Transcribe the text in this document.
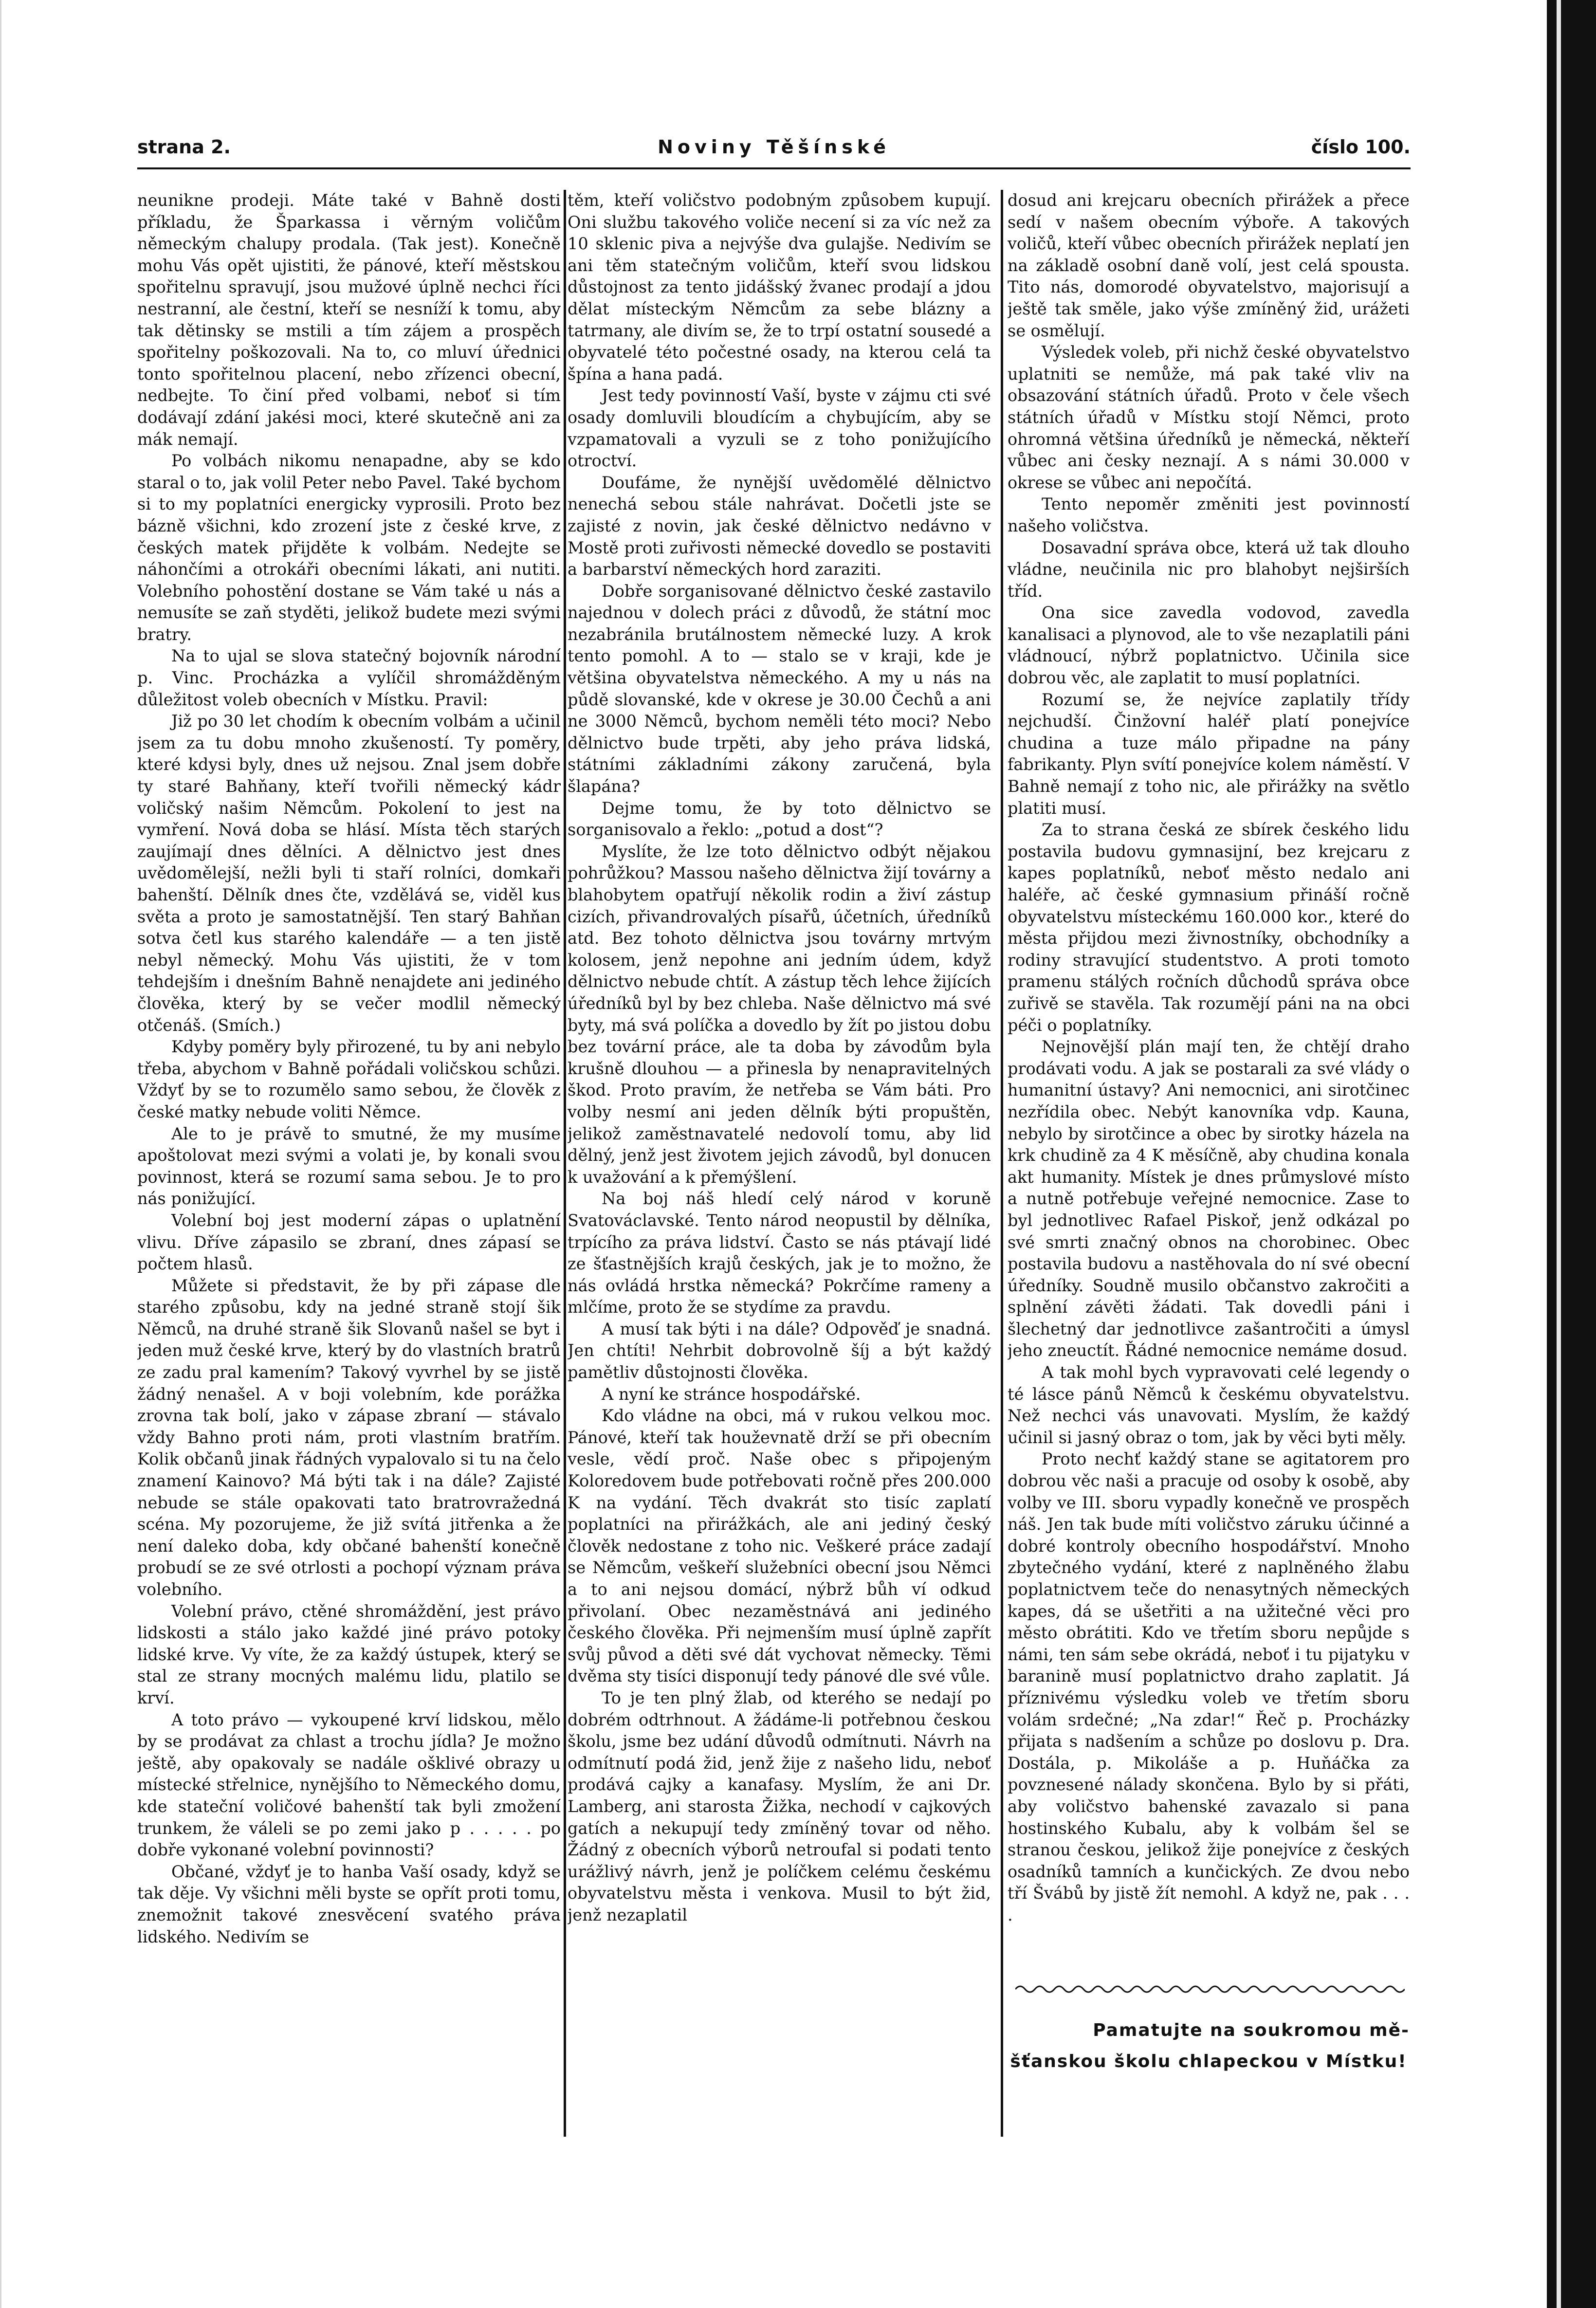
strana 2.	Noviny Těšínské	číslo 100.

neunikne prodeji. Máte také v Bahně dosti příkladu, že Šparkassa i věrným voličům německým chalupy prodala. (Tak jest). Konečně mohu Vás opět ujistiti, že pánové, kteří městskou spořitelnu spravují, jsou mužové úplně nechci říci nestranní, ale čestní, kteří se nesníží k tomu, aby tak dětinsky se mstili a tím zájem a prospěch spořitelny poškozovali. Na to, co mluví úřednici tonto spořitelnou placení, nebo zřízenci obecní, nedbejte. To činí před volbami, neboť si tím dodávají zdání jakési moci, které skutečně ani za mák nemají.

Po volbách nikomu nenapadne, aby se kdo staral o to, jak volil Peter nebo Pavel. Také bychom si to my poplatníci energicky vyprosili. Proto bez bázně všichni, kdo zrození jste z české krve, z českých matek přijděte k volbám. Nedejte se náhončími a otrokáři obecními lákati, ani nutiti. Volebního pohostění dostane se Vám také u nás a nemusíte se zaň styděti, jelikož budete mezi svými bratry.

Na to ujal se slova statečný bojovník národní p. Vinc. Procházka a vylíčil shromážděným důležitost voleb obecních v Místku. Pravil:

Již po 30 let chodím k obecním volbám a učinil jsem za tu dobu mnoho zkušeností. Ty poměry, které kdysi byly, dnes už nejsou. Znal jsem dobře ty staré Bahňany, kteří tvořili německý kádr voličský našim Němcům. Pokolení to jest na vymření. Nová doba se hlásí. Místa těch starých zaujímají dnes dělníci. A dělnictvo jest dnes uvědomělejší, nežli byli ti staří rolníci, domkaři bahenští. Dělník dnes čte, vzdělává se, viděl kus světa a proto je samostatnější. Ten starý Bahňan sotva četl kus starého kalendáře — a ten jistě nebyl německý. Mohu Vás ujistiti, že v tom tehdejším i dnešním Bahně nenajdete ani jediného člověka, který by se večer modlil německý otčenáš. (Smích.)

Kdyby poměry byly přirozené, tu by ani nebylo třeba, abychom v Bahně pořádali voličskou schůzi. Vždyť by se to rozumělo samo sebou, že člověk z české matky nebude voliti Němce.

Ale to je právě to smutné, že my musíme apoštolovat mezi svými a volati je, by konali svou povinnost, která se rozumí sama sebou. Je to pro nás ponižující.

Volební boj jest moderní zápas o uplatnění vlivu. Dříve zápasilo se zbraní, dnes zápasí se počtem hlasů.

Můžete si představit, že by při zápase dle starého způsobu, kdy na jedné straně stojí šik Němců, na druhé straně šik Slovanů našel se byt i jeden muž české krve, který by do vlastních bratrů ze zadu pral kamením? Takový vyvrhel by se jistě žádný nenašel. A v boji volebním, kde porážka zrovna tak bolí, jako v zápase zbraní — stávalo vždy Bahno proti nám, proti vlastním bratřím. Kolik občanů jinak řádných vypalovalo si tu na čelo znamení Kainovo? Má býti tak i na dále? Zajisté nebude se stále opakovati tato bratrovražedná scéna. My pozorujeme, že již svítá jitřenka a že není daleko doba, kdy občané bahenští konečně probudí se ze své otrlosti a pochopí význam práva volebního.

Volební právo, ctěné shromáždění, jest právo lidskosti a stálo jako každé jiné právo potoky lidské krve. Vy víte, že za každý ústupek, který se stal ze strany mocných malému lidu, platilo se krví.

A toto právo — vykoupené krví lidskou, mělo by se prodávat za chlast a trochu jídla? Je možno ještě, aby opakovaly se nadále ošklivé obrazy u místecké střelnice, nynějšího to Německého domu, kde stateční voličové bahenští tak byli zmožení trunkem, že váleli se po zemi jako p . . . . . po dobře vykonané volební povinnosti?

Občané, vždyť je to hanba Vaší osady, když se tak děje. Vy všichni měli byste se opřít proti tomu, znemožnit takové znesvěcení svatého práva lidského. Nedivím se

těm, kteří voličstvo podobným způsobem kupují. Oni službu takového voliče necení si za víc než za 10 sklenic piva a nejvýše dva gulajše. Nedivím se ani těm statečným voličům, kteří svou lidskou důstojnost za tento jidášský žvanec prodají a jdou dělat místeckým Němcům za sebe blázny a tatrmany, ale divím se, že to trpí ostatní sousedé a obyvatelé této počestné osady, na kterou celá ta špína a hana padá.

Jest tedy povinností Vaší, byste v zájmu cti své osady domluvili bloudícím a chybujícím, aby se vzpamatovali a vyzuli se z toho ponižujícího otroctví.

Doufáme, že nynější uvědomělé dělnictvo nenechá sebou stále nahrávat. Dočetli jste se zajisté z novin, jak české dělnictvo nedávno v Mostě proti zuřivosti německé dovedlo se postaviti a barbarství německých hord zaraziti.

Dobře sorganisované dělnictvo české zastavilo najednou v dolech práci z důvodů, že státní moc nezabránila brutálnostem německé luzy. A krok tento pomohl. A to — stalo se v kraji, kde je většina obyvatelstva německého. A my u nás na půdě slovanské, kde v okrese je 30.00 Čechů a ani ne 3000 Němců, bychom neměli této moci? Nebo dělnictvo bude trpěti, aby jeho práva lidská, státními základními zákony zaručená, byla šlapána?

Dejme tomu, že by toto dělnictvo se sorganisovalo a řeklo: „potud a dost“?

Myslíte, že lze toto dělnictvo odbýt nějakou pohrůžkou? Massou našeho dělnictva žijí továrny a blahobytem opatřují několik rodin a živí zástup cizích, přivandrovalých písařů, účetních, úředníků atd. Bez tohoto dělnictva jsou továrny mrtvým kolosem, jenž nepohne ani jedním údem, když dělnictvo nebude chtít. A zástup těch lehce žijících úředníků byl by bez chleba. Naše dělnictvo má své byty, má svá políčka a dovedlo by žít po jistou dobu bez tovární práce, ale ta doba by závodům byla krušně dlouhou — a přinesla by nenapravitelných škod. Proto pravím, že netřeba se Vám báti. Pro volby nesmí ani jeden dělník býti propuštěn, jelikož zaměstnavatelé nedovolí tomu, aby lid dělný, jenž jest životem jejich závodů, byl donucen k uvažování a k přemýšlení.

Na boj náš hledí celý národ v koruně Svatováclavské. Tento národ neopustil by dělníka, trpícího za práva lidství. Často se nás ptávají lidé ze šťastnějších krajů českých, jak je to možno, že nás ovládá hrstka německá? Pokrčíme rameny a mlčíme, proto že se stydíme za pravdu.

A musí tak býti i na dále? Odpověď je snadná. Jen chtíti! Nehrbit dobrovolně šíj a být každý pamětliv důstojnosti člověka.

A nyní ke stránce hospodářské.

Kdo vládne na obci, má v rukou velkou moc. Pánové, kteří tak houževnatě drží se při obecním vesle, vědí proč. Naše obec s připojeným Koloredovem bude potřebovati ročně přes 200.000 K na vydání. Těch dvakrát sto tisíc zaplatí poplatníci na přirážkách, ale ani jediný český člověk nedostane z toho nic. Veškeré práce zadají se Němcům, veškeří služebníci obecní jsou Němci a to ani nejsou domácí, nýbrž bůh ví odkud přivolaní. Obec nezaměstnává ani jediného českého člověka. Při nejmenším musí úplně zapřít svůj původ a děti své dát vychovat německy. Těmi dvěma sty tisíci disponují tedy pánové dle své vůle.

To je ten plný žlab, od kterého se nedají po dobrém odtrhnout. A žádáme-li potřebnou českou školu, jsme bez udání důvodů odmítnuti. Návrh na odmítnutí podá žid, jenž žije z našeho lidu, neboť prodává cajky a kanafasy. Myslím, že ani Dr. Lamberg, ani starosta Žižka, nechodí v cajkových gatích a nekupují tedy zmíněný tovar od něho. Žádný z obecních výborů netroufal si podati tento urážlivý návrh, jenž je políčkem celému českému obyvatelstvu města i venkova. Musil to být žid, jenž nezaplatil

dosud ani krejcaru obecních přirážek a přece sedí v našem obecním výboře. A takových voličů, kteří vůbec obecních přirážek neplatí jen na základě osobní daně volí, jest celá spousta. Tito nás, domorodé obyvatelstvo, majorisují a ještě tak směle, jako výše zmíněný žid, urážeti se osmělují.

Výsledek voleb, při nichž české obyvatelstvo uplatniti se nemůže, má pak také vliv na obsazování státních úřadů. Proto v čele všech státních úřadů v Místku stojí Němci, proto ohromná většina úředníků je německá, někteří vůbec ani česky neznají. A s námi 30.000 v okrese se vůbec ani nepočítá.

Tento nepoměr změniti jest povinností našeho voličstva.

Dosavadní správa obce, která už tak dlouho vládne, neučinila nic pro blahobyt nejširších tříd.

Ona sice zavedla vodovod, zavedla kanalisaci a plynovod, ale to vše nezaplatili páni vládnoucí, nýbrž poplatnictvo. Učinila sice dobrou věc, ale zaplatit to musí poplatníci.

Rozumí se, že nejvíce zaplatily třídy nejchudší. Činžovní haléř platí ponejvíce chudina a tuze málo připadne na pány fabrikanty. Plyn svítí ponejvíce kolem náměstí. V Bahně nemají z toho nic, ale přirážky na světlo platiti musí.

Za to strana česká ze sbírek českého lidu postavila budovu gymnasijní, bez krejcaru z kapes poplatníků, neboť město nedalo ani haléře, ač české gymnasium přináší ročně obyvatelstvu místeckému 160.000 kor., které do města přijdou mezi živnostníky, obchodníky a rodiny stravující studentstvo. A proti tomoto pramenu stálých ročních důchodů správa obce zuřivě se stavěla. Tak rozumějí páni na na obci péči o poplatníky.

Nejnovější plán mají ten, že chtějí draho prodávati vodu. A jak se postarali za své vlády o humanitní ústavy? Ani nemocnici, ani sirotčinec nezřídila obec. Nebýt kanovníka vdp. Kauna, nebylo by sirotčince a obec by sirotky házela na krk chudině za 4 K měsíčně, aby chudina konala akt humanity. Místek je dnes průmyslové místo a nutně potřebuje veřejné nemocnice. Zase to byl jednotlivec Rafael Piskoř, jenž odkázal po své smrti značný obnos na chorobinec. Obec postavila budovu a nastěhovala do ní své obecní úředníky. Soudně musilo občanstvo zakročiti a splnění závěti žádati. Tak dovedli páni i šlechetný dar jednotlivce zašantročiti a úmysl jeho zneuctít. Řádné nemocnice nemáme dosud.

A tak mohl bych vypravovati celé legendy o té lásce pánů Němců k českému obyvatelstvu. Než nechci vás unavovati. Myslím, že každý učinil si jasný obraz o tom, jak by věci byti měly.

Proto nechť každý stane se agitatorem pro dobrou věc naši a pracuje od osoby k osobě, aby volby ve III. sboru vypadly konečně ve prospěch náš. Jen tak bude míti voličstvo záruku účinné a dobré kontroly obecního hospodářství. Mnoho zbytečného vydání, které z naplněného žlabu poplatnictvem teče do nenasytných německých kapes, dá se ušetřiti a na užitečné věci pro město obrátiti. Kdo ve třetím sboru nepůjde s námi, ten sám sebe okrádá, neboť i tu pijatyku v baranině musí poplatnictvo draho zaplatit. Já příznivému výsledku voleb ve třetím sboru volám srdečné; „Na zdar!“ Řeč p. Procházky přijata s nadšením a schůze po doslovu p. Dra. Dostála, p. Mikoláše a p. Huňáčka za povznesené nálady skončena. Bylo by si přáti, aby voličstvo bahenské zavazalo si pana hostinského Kubalu, aby k volbám šel se stranou českou, jelikož žije ponejvíce z českých osadníků tamních a kunčických. Ze dvou nebo tří Švábů by jistě žít nemohl. A když ne, pak . . . .

Pamatujte na soukromou mě-
šťanskou školu chlapeckou v Místku!
